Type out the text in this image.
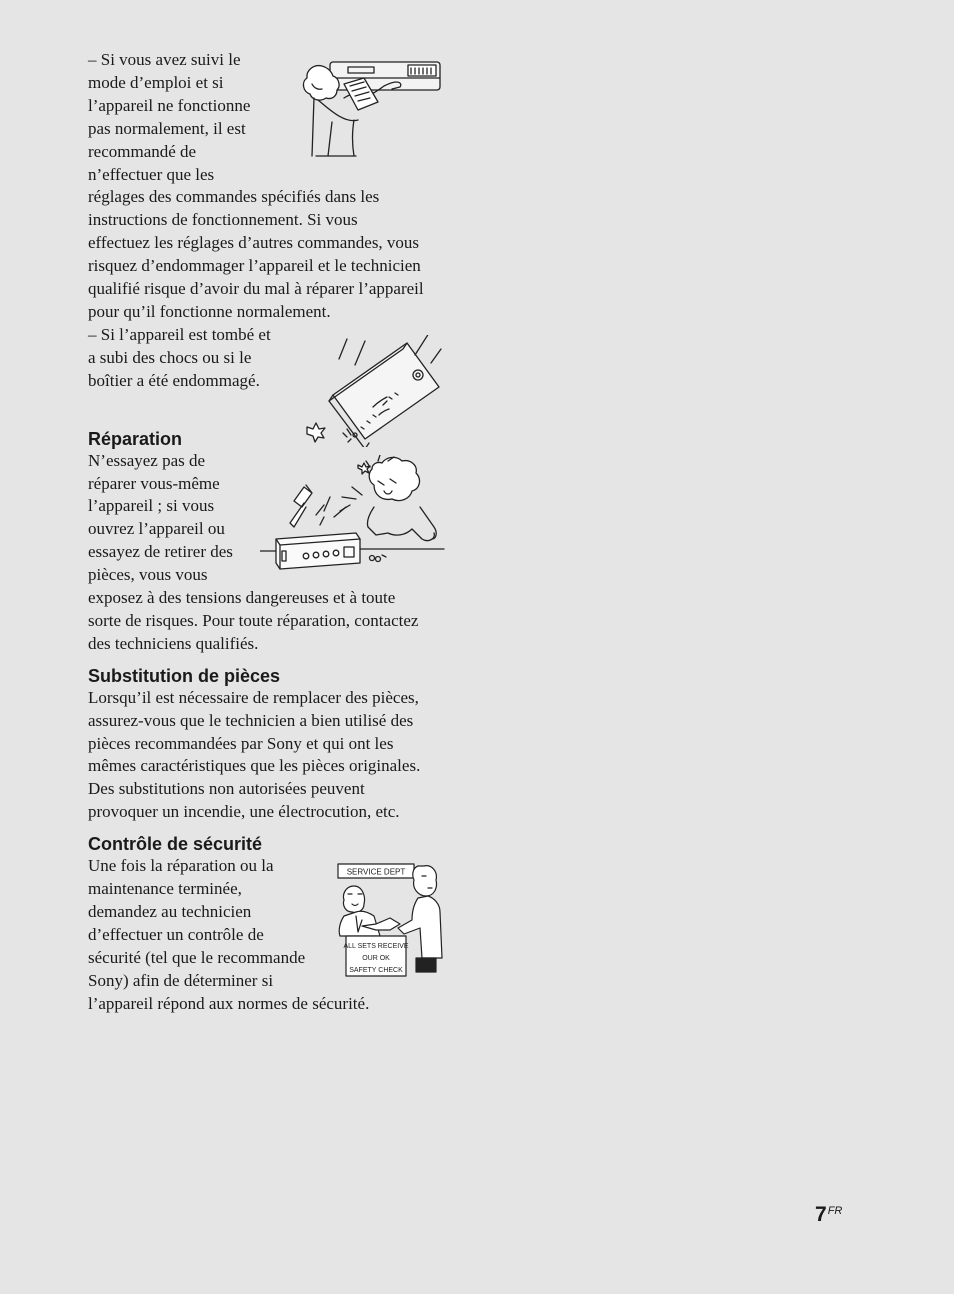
– Si vous avez suivi le
mode d’emploi et si
l’appareil ne fonctionne
pas normalement, il est
recommandé de
n’effectuer que les

réglages des commandes spécifiés dans les
instructions de fonctionnement. Si vous
effectuez les réglages d’autres commandes, vous
risquez d’endommager l’appareil et le technicien
qualifié risque d’avoir du mal à réparer l’appareil
pour qu’il fonctionne normalement.

– Si l’appareil est tombé et
a subi des chocs ou si le
boîtier a été endommagé.

Réparation

N’essayez pas de
réparer vous-même
l’appareil ; si vous
ouvrez l’appareil ou
essayez de retirer des
pièces, vous vous

exposez à des tensions dangereuses et à toute
sorte de risques. Pour toute réparation, contactez
des techniciens qualifiés.

Substitution de pièces

Lorsqu’il est nécessaire de remplacer des pièces,
assurez-vous que le technicien a bien utilisé des
pièces recommandées par Sony et qui ont les
mêmes caractéristiques que les pièces originales.
Des substitutions non autorisées peuvent
provoquer un incendie, une électrocution, etc.

Contrôle de sécurité

Une fois la réparation ou la
maintenance terminée,
demandez au technicien
d’effectuer un contrôle de
sécurité (tel que le recommande
Sony) afin de déterminer si

l’appareil répond aux normes de sécurité.

SERVICE DEPT
ALL SETS RECEIVE
OUR OK
SAFETY CHECK
$7^{FR}$
